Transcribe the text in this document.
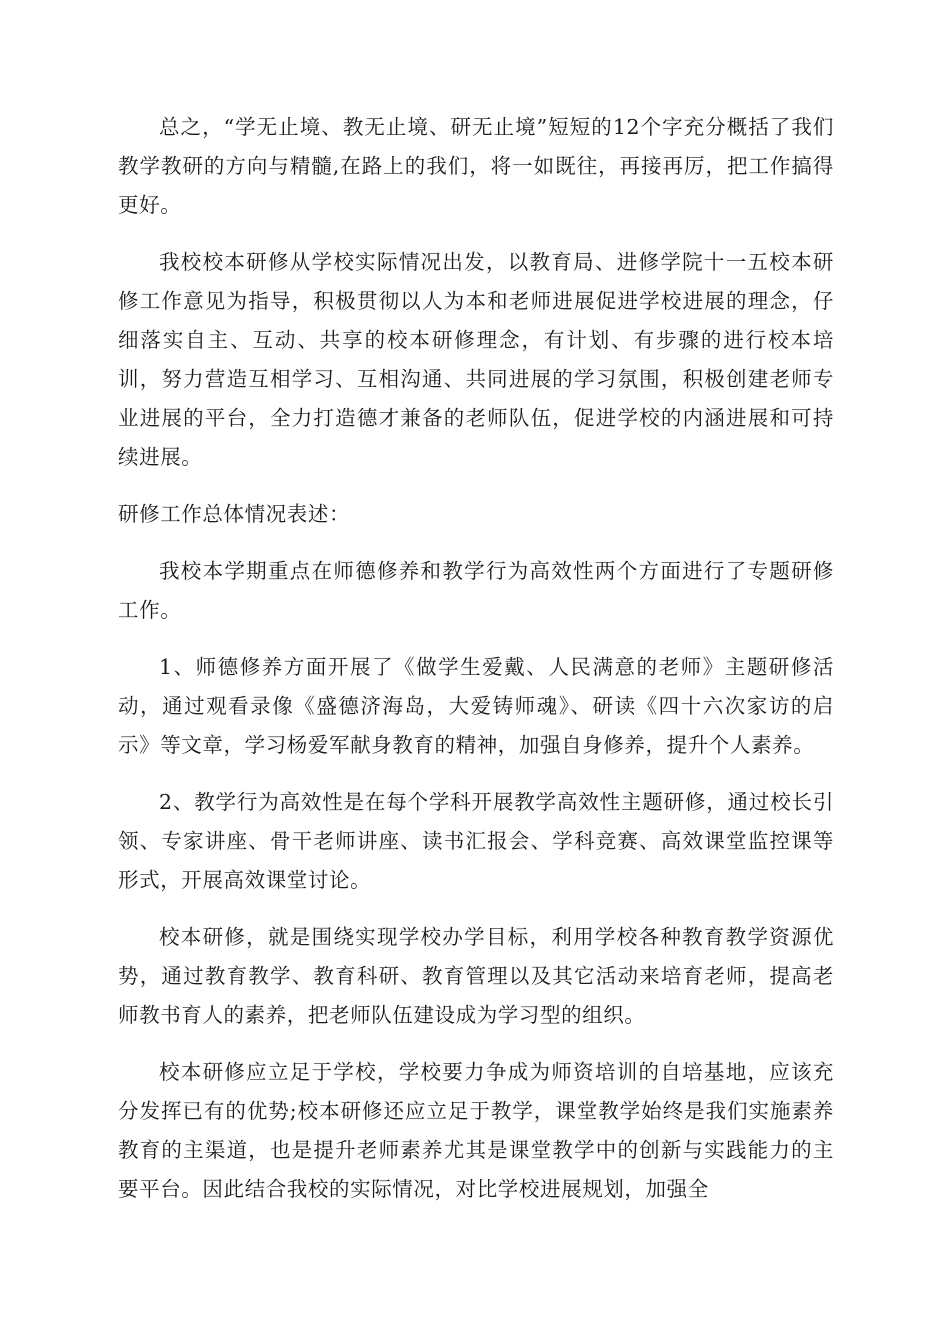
总之，“学无止境、教无止境、研无止境”短短的12个字充分概括了我们教学教研的方向与精髓,在路上的我们，将一如既往，再接再厉，把工作搞得更好。

我校校本研修从学校实际情况出发，以教育局、进修学院十一五校本研修工作意见为指导，积极贯彻以人为本和老师进展促进学校进展的理念，仔细落实自主、互动、共享的校本研修理念，有计划、有步骤的进行校本培训，努力营造互相学习、互相沟通、共同进展的学习氛围，积极创建老师专业进展的平台，全力打造德才兼备的老师队伍，促进学校的内涵进展和可持续进展。

研修工作总体情况表述：

我校本学期重点在师德修养和教学行为高效性两个方面进行了专题研修工作。

1、师德修养方面开展了《做学生爱戴、人民满意的老师》主题研修活动，通过观看录像《盛德济海岛，大爱铸师魂》、研读《四十六次家访的启示》等文章，学习杨爱军献身教育的精神，加强自身修养，提升个人素养。

2、教学行为高效性是在每个学科开展教学高效性主题研修，通过校长引领、专家讲座、骨干老师讲座、读书汇报会、学科竞赛、高效课堂监控课等形式，开展高效课堂讨论。

校本研修，就是围绕实现学校办学目标，利用学校各种教育教学资源优势，通过教育教学、教育科研、教育管理以及其它活动来培育老师，提高老师教书育人的素养，把老师队伍建设成为学习型的组织。

校本研修应立足于学校，学校要力争成为师资培训的自培基地，应该充分发挥已有的优势;校本研修还应立足于教学，课堂教学始终是我们实施素养教育的主渠道，也是提升老师素养尤其是课堂教学中的创新与实践能力的主要平台。因此结合我校的实际情况，对比学校进展规划，加强全
